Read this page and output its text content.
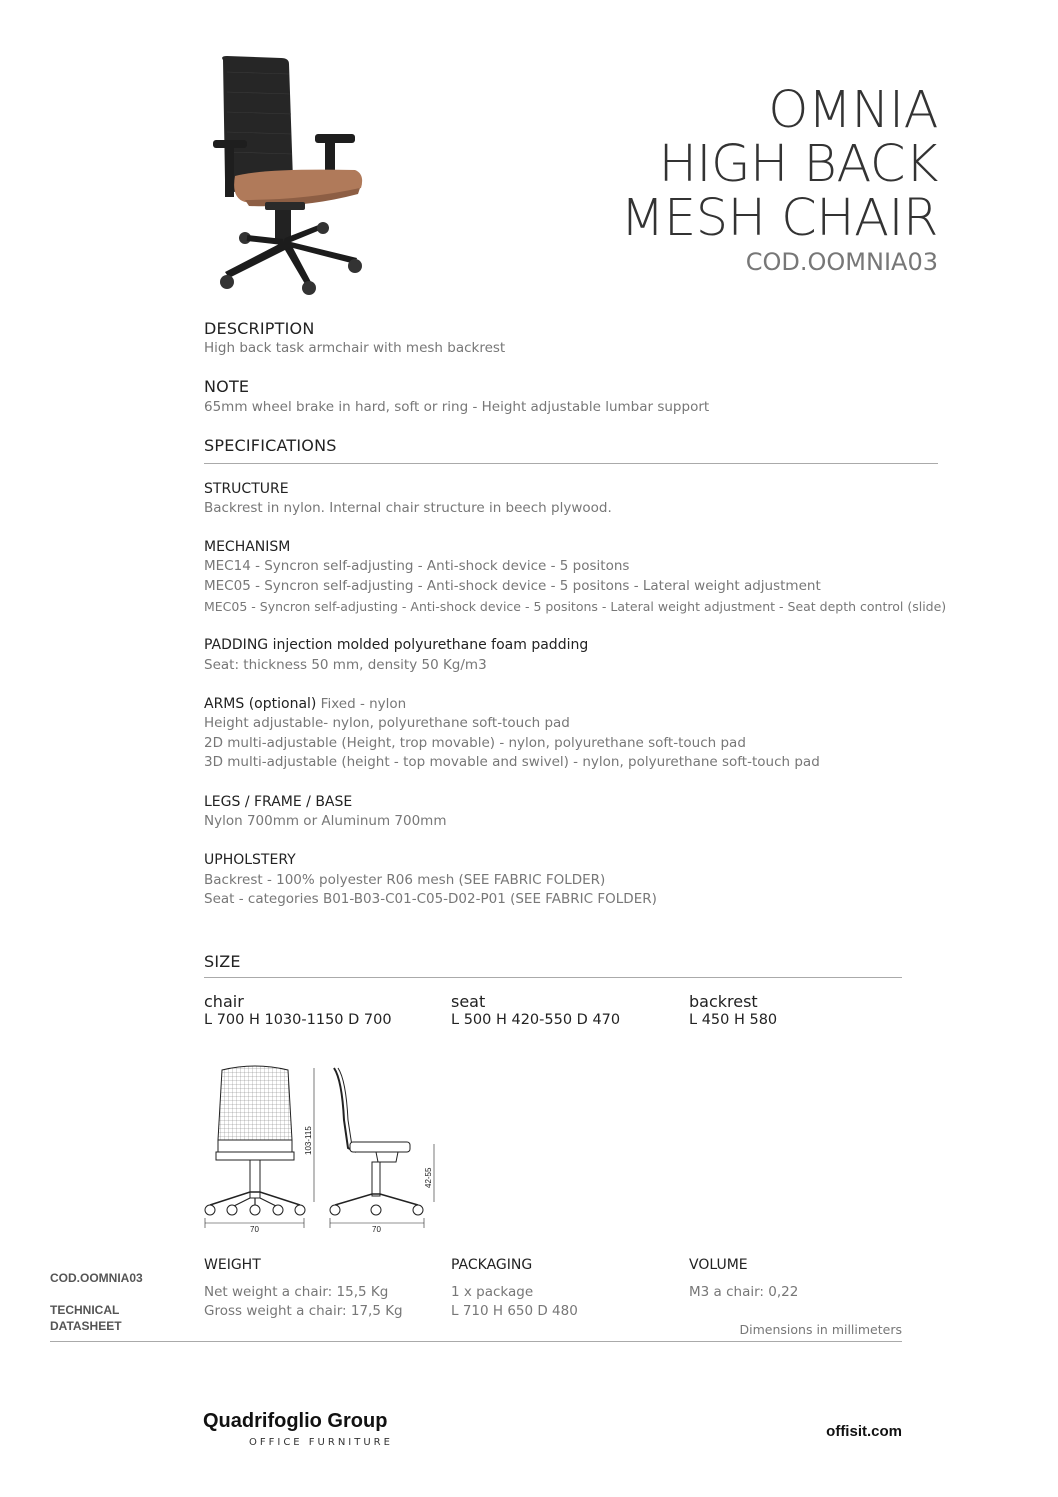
OMNIA
HIGH BACK
MESH CHAIR
COD.OOMNIA03
DESCRIPTION
High back task armchair with mesh backrest
NOTE
65mm wheel brake in hard, soft or ring - Height adjustable lumbar support
SPECIFICATIONS
STRUCTURE
Backrest in nylon. Internal chair structure in beech plywood.
MECHANISM
MEC14 - Syncron self-adjusting - Anti-shock device - 5 positons
MEC05 - Syncron self-adjusting - Anti-shock device - 5 positons - Lateral weight adjustment
MEC05 - Syncron self-adjusting - Anti-shock device - 5 positons - Lateral weight adjustment - Seat depth control (slide)
PADDING injection molded polyurethane foam padding
Seat: thickness 50 mm, density 50 Kg/m3
ARMS (optional) Fixed - nylon
Height adjustable- nylon, polyurethane soft-touch pad
2D multi-adjustable (Height, trop movable) - nylon, polyurethane soft-touch pad
3D multi-adjustable (height - top movable and swivel) - nylon, polyurethane soft-touch pad
LEGS / FRAME / BASE
Nylon 700mm or Aluminum 700mm
UPHOLSTERY
Backrest - 100% polyester R06 mesh (SEE FABRIC FOLDER)
Seat - categories B01-B03-C01-C05-D02-P01 (SEE FABRIC FOLDER)
SIZE
chair
L 700 H 1030-1150 D 700
seat
L 500 H 420-550 D 470
backrest
L 450 H 580
70
103-115
70
42-55
WEIGHT
Net weight a chair: 15,5 Kg
Gross weight a chair: 17,5 Kg
PACKAGING
1 x package
L 710 H 650 D 480
VOLUME
M3 a chair: 0,22
Dimensions in millimeters
COD.OOMNIA03
TECHNICAL
DATASHEET
Quadrifoglio Group
OFFICE FURNITURE
offisit.com
